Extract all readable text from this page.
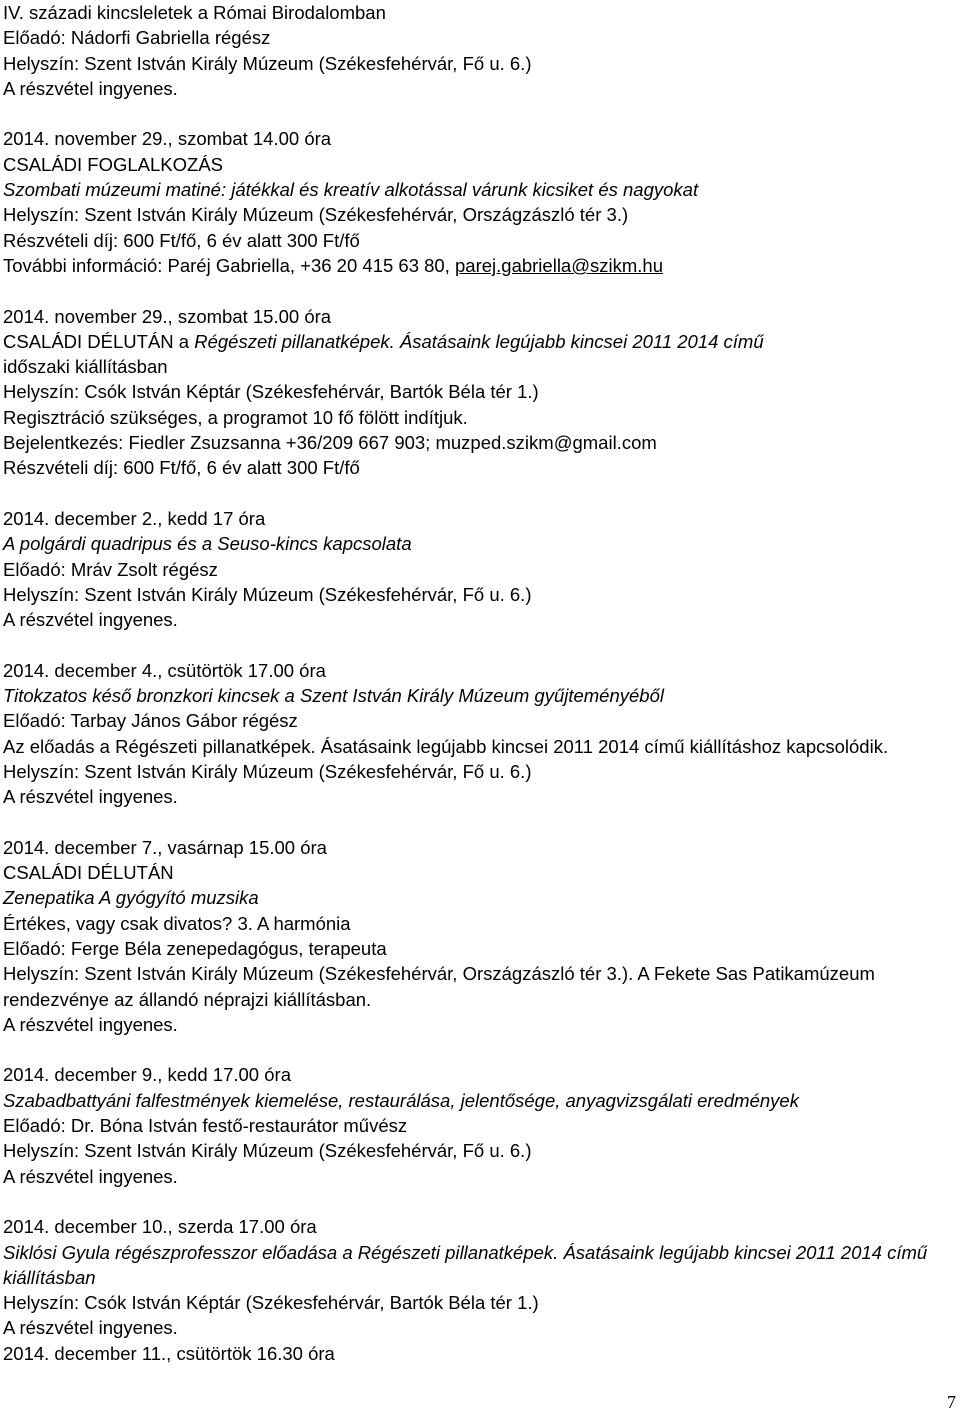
IV. századi kincsleletek a Római Birodalomban
Előadó: Nádorfi Gabriella régész
Helyszín: Szent István Király Múzeum (Székesfehérvár, Fő u. 6.)
A részvétel ingyenes.
2014. november 29., szombat 14.00 óra
CSALÁDI FOGLALKOZÁS
Szombati múzeumi matiné: játékkal és kreatív alkotással várunk kicsiket és nagyokat
Helyszín: Szent István Király Múzeum (Székesfehérvár, Országzászló tér 3.)
Részvételi díj: 600 Ft/fő, 6 év alatt 300 Ft/fő
További információ: Paréj Gabriella, +36 20 415 63 80, parej.gabriella@szikm.hu
2014. november 29., szombat 15.00 óra
CSALÁDI DÉLUTÁN a Régészeti pillanatképek. Ásatásaink legújabb kincsei 2011 2014 című
időszaki kiállításban
Helyszín: Csók István Képtár (Székesfehérvár, Bartók Béla tér 1.)
Regisztráció szükséges, a programot 10 fő fölött indítjuk.
Bejelentkezés: Fiedler Zsuzsanna +36/209 667 903; muzped.szikm@gmail.com
Részvételi díj: 600 Ft/fő, 6 év alatt 300 Ft/fő
2014. december 2., kedd 17 óra
A polgárdi quadripus és a Seuso-kincs kapcsolata
Előadó: Mráv Zsolt régész
Helyszín: Szent István Király Múzeum (Székesfehérvár, Fő u. 6.)
A részvétel ingyenes.
2014. december 4., csütörtök 17.00 óra
Titokzatos késő bronzkori kincsek a Szent István Király Múzeum gyűjteményéből
Előadó: Tarbay János Gábor régész
Az előadás a Régészeti pillanatképek. Ásatásaink legújabb kincsei 2011 2014 című kiállításhoz kapcsolódik.
Helyszín: Szent István Király Múzeum (Székesfehérvár, Fő u. 6.)
A részvétel ingyenes.
2014. december 7., vasárnap 15.00 óra
CSALÁDI DÉLUTÁN
Zenepatika A gyógyító muzsika
Értékes, vagy csak divatos? 3. A harmónia
Előadó: Ferge Béla zenepedagógus, terapeuta
Helyszín: Szent István Király Múzeum (Székesfehérvár, Országzászló tér 3.). A Fekete Sas Patikamúzeum rendezvénye az állandó néprajzi kiállításban.
A részvétel ingyenes.
2014. december 9., kedd 17.00 óra
Szabadbattyáni falfestmények kiemelése, restaurálása, jelentősége, anyagvizsgálati eredmények
Előadó: Dr. Bóna István festő-restaurátor művész
Helyszín: Szent István Király Múzeum (Székesfehérvár, Fő u. 6.)
A részvétel ingyenes.
2014. december 10., szerda 17.00 óra
Siklósi Gyula régészprofesszor előadása a Régészeti pillanatképek. Ásatásaink legújabb kincsei 2011 2014 című kiállításban
Helyszín: Csók István Képtár (Székesfehérvár, Bartók Béla tér 1.)
A részvétel ingyenes.
2014. december 11., csütörtök 16.30 óra
7
